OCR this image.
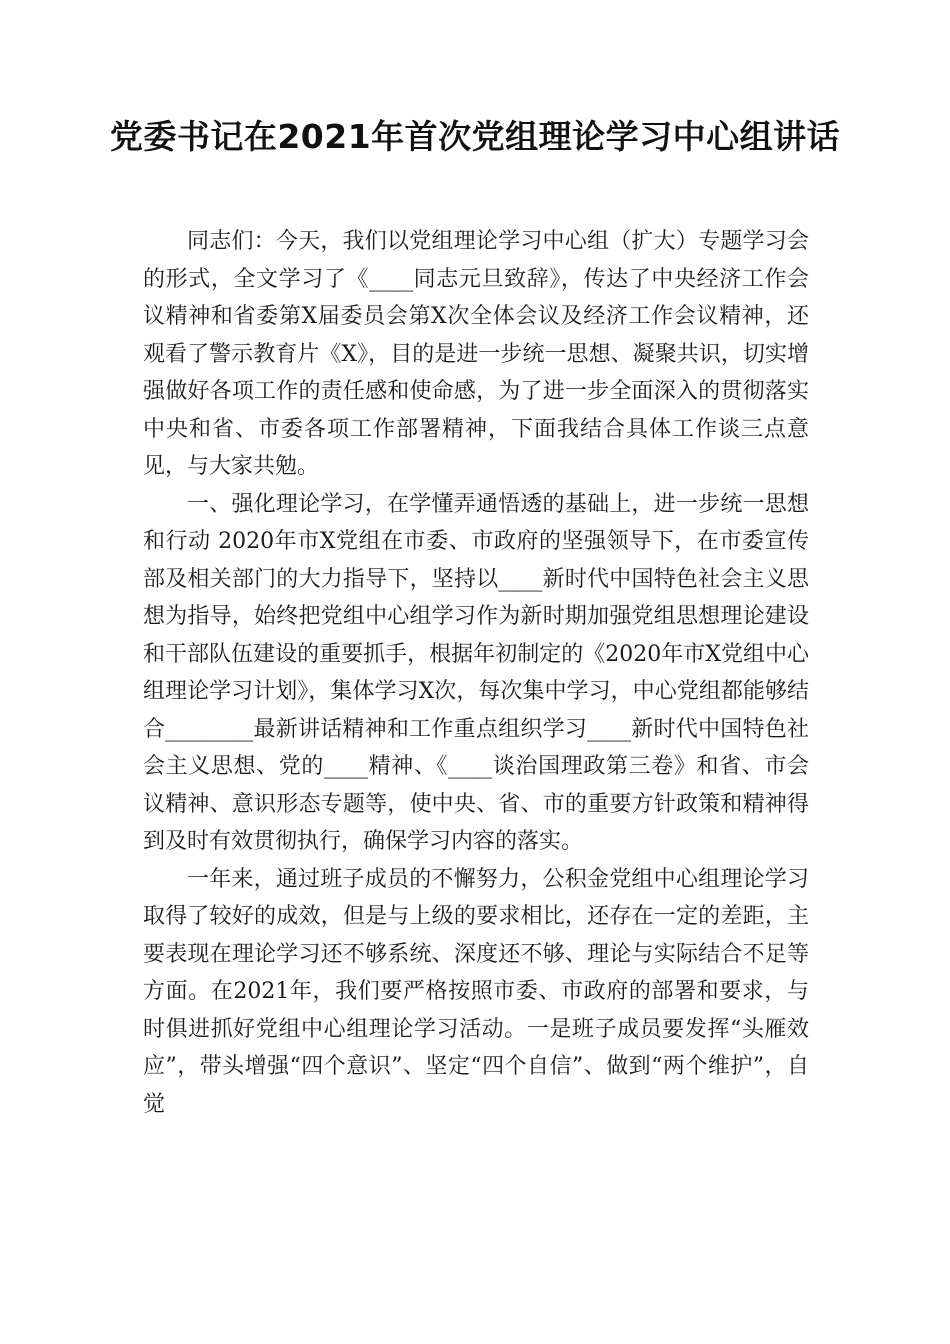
党委书记在2021年首次党组理论学习中心组讲话

同志们：今天，我们以党组理论学习中心组（扩大）专题学习会的形式，全文学习了《____同志元旦致辞》，传达了中央经济工作会议精神和省委第X届委员会第X次全体会议及经济工作会议精神，还观看了警示教育片《X》，目的是进一步统一思想、凝聚共识，切实增强做好各项工作的责任感和使命感，为了进一步全面深入的贯彻落实中央和省、市委各项工作部署精神，下面我结合具体工作谈三点意见，与大家共勉。

一、强化理论学习，在学懂弄通悟透的基础上，进一步统一思想和行动 2020年市X党组在市委、市政府的坚强领导下，在市委宣传部及相关部门的大力指导下，坚持以____新时代中国特色社会主义思想为指导，始终把党组中心组学习作为新时期加强党组思想理论建设和干部队伍建设的重要抓手，根据年初制定的《2020年市X党组中心组理论学习计划》，集体学习X次，每次集中学习，中心党组都能够结合________最新讲话精神和工作重点组织学习____新时代中国特色社会主义思想、党的____精神、《____谈治国理政第三卷》和省、市会议精神、意识形态专题等，使中央、省、市的重要方针政策和精神得到及时有效贯彻执行，确保学习内容的落实。

一年来，通过班子成员的不懈努力，公积金党组中心组理论学习取得了较好的成效，但是与上级的要求相比，还存在一定的差距，主要表现在理论学习还不够系统、深度还不够、理论与实际结合不足等方面。在2021年，我们要严格按照市委、市政府的部署和要求，与时俱进抓好党组中心组理论学习活动。一是班子成员要发挥“头雁效应”，带头增强“四个意识”、坚定“四个自信”、做到“两个维护”，自觉
